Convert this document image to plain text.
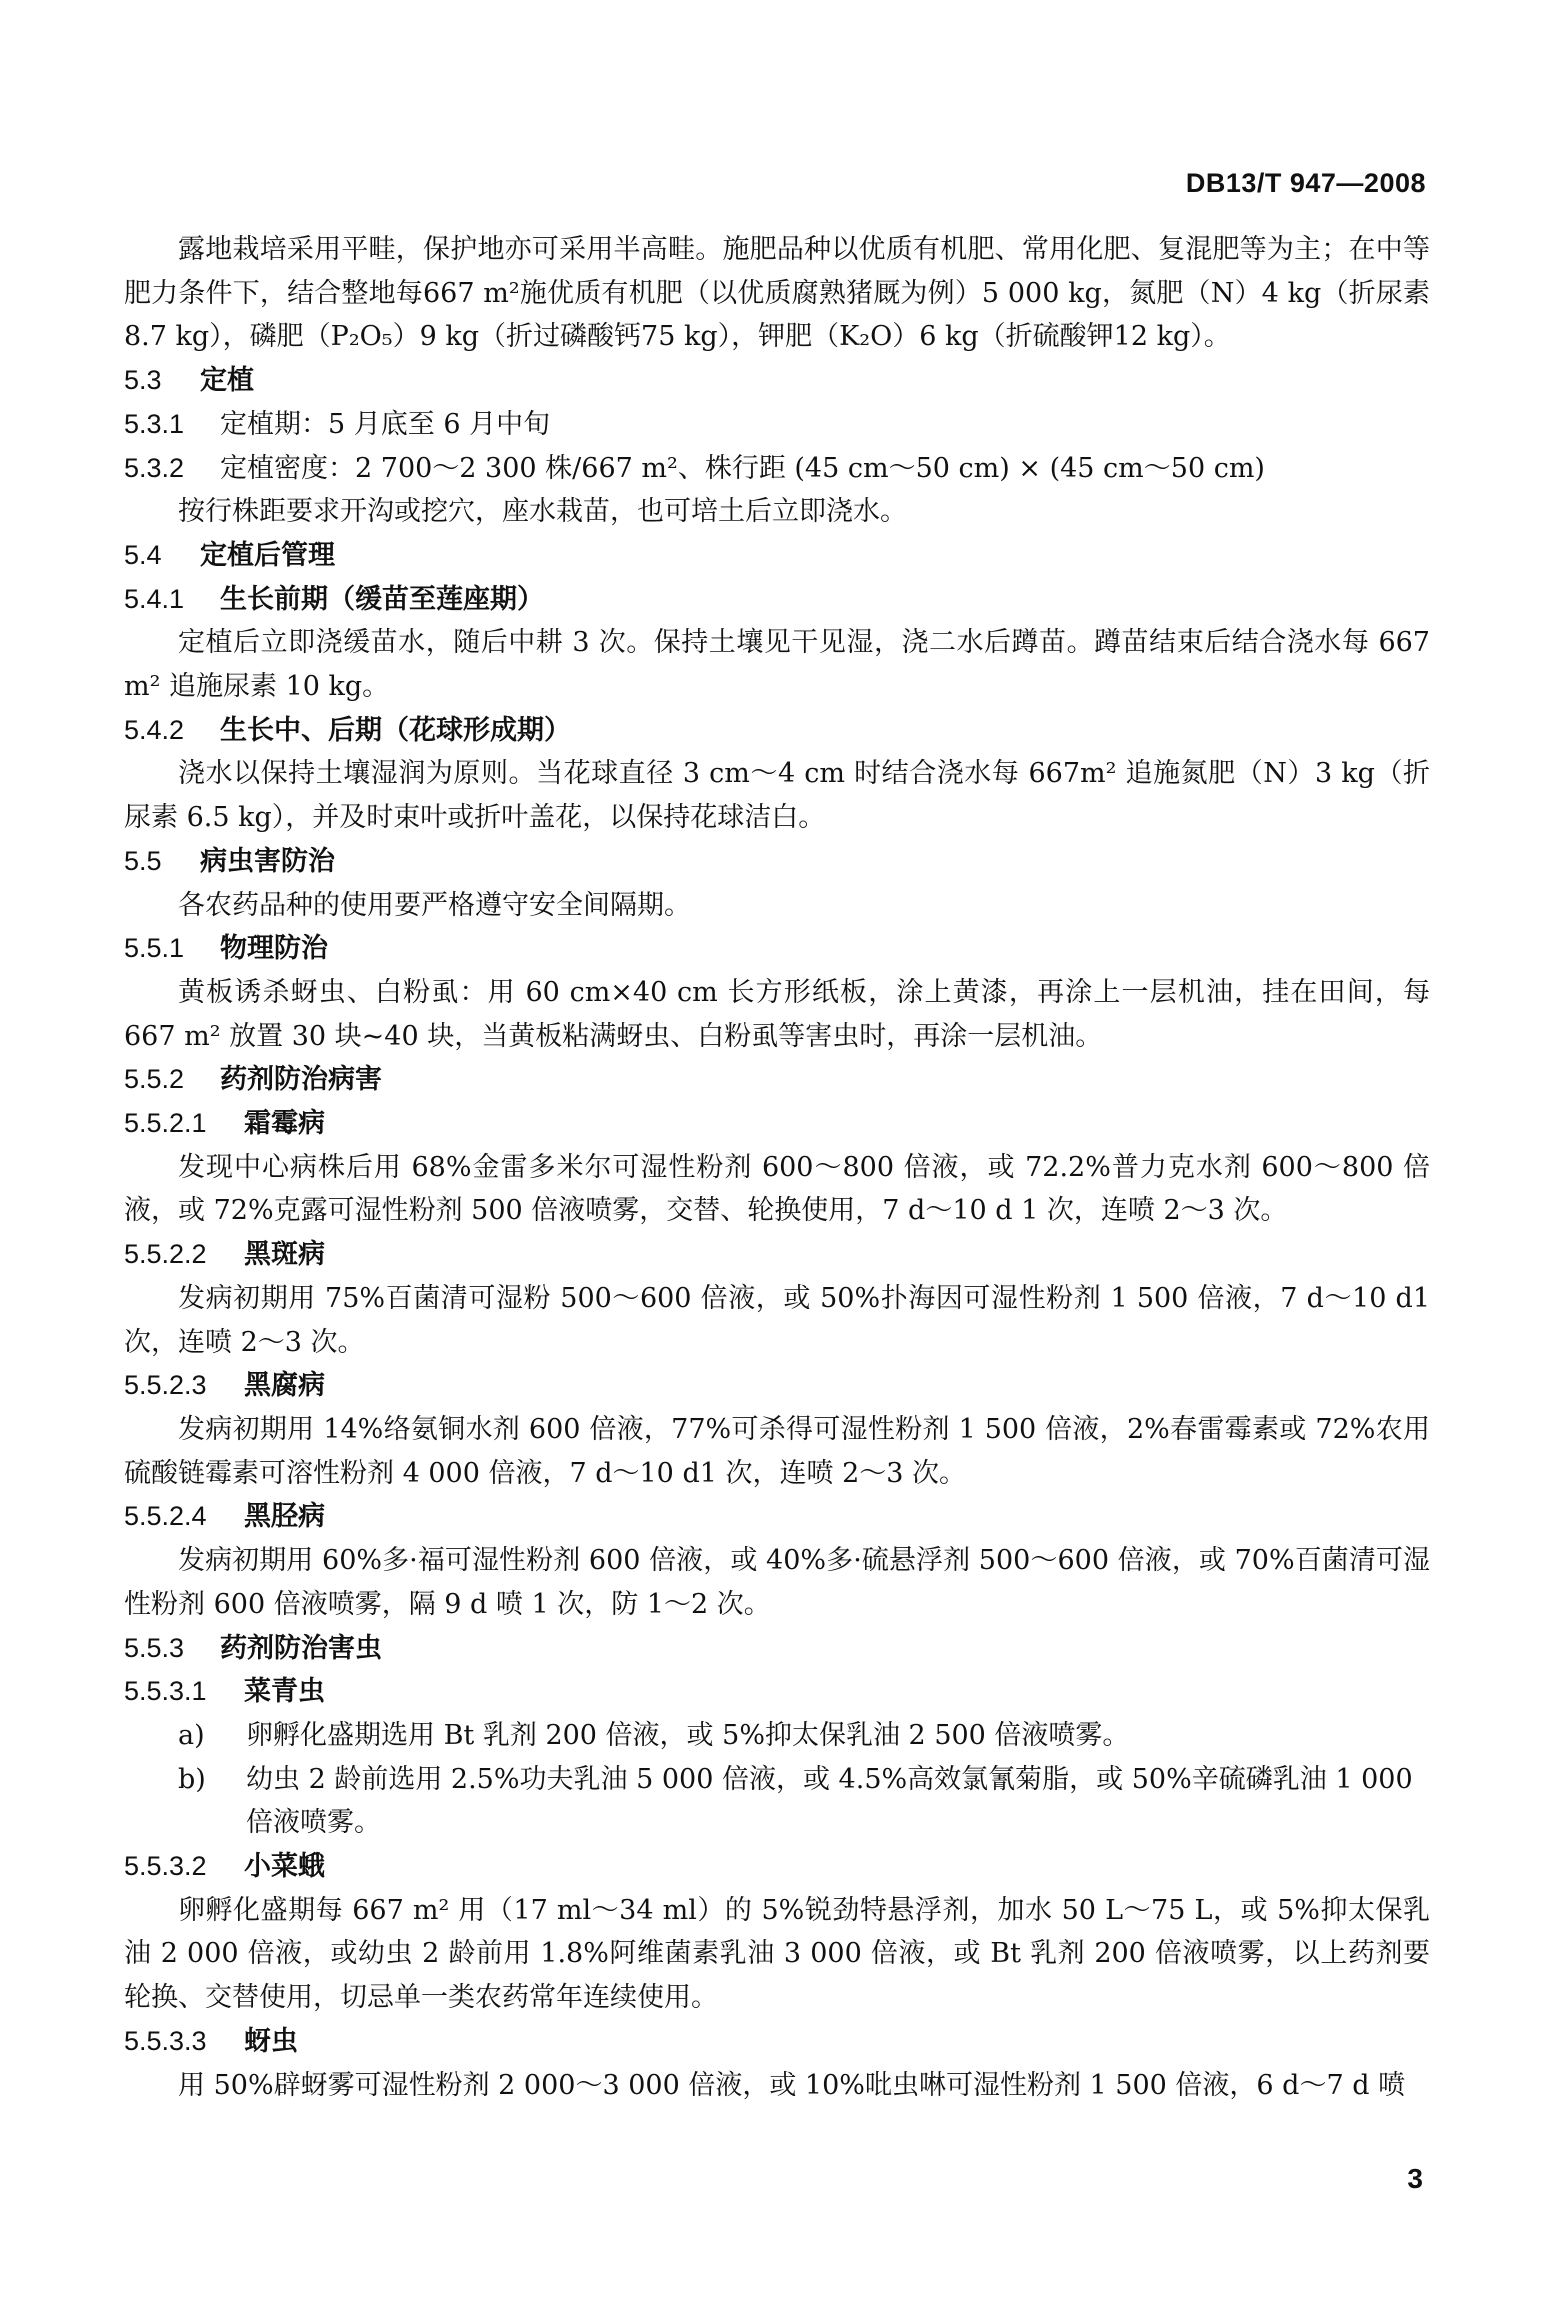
DB13/T 947—2008
露地栽培采用平畦，保护地亦可采用半高畦。施肥品种以优质有机肥、常用化肥、复混肥等为主；在中等肥力条件下，结合整地每667 m²施优质有机肥（以优质腐熟猪厩为例）5 000 kg，氮肥（N）4 kg（折尿素8.7 kg），磷肥（P₂O₅）9 kg（折过磷酸钙75 kg），钾肥（K₂O）6 kg（折硫酸钾12 kg）。
5.3 定植
5.3.1 定植期：5 月底至 6 月中旬
5.3.2 定植密度：2 700～2 300 株/667 m²、株行距 (45 cm～50 cm) × (45 cm～50 cm)
按行株距要求开沟或挖穴，座水栽苗，也可培土后立即浇水。
5.4 定植后管理
5.4.1 生长前期（缓苗至莲座期）
定植后立即浇缓苗水，随后中耕 3 次。保持土壤见干见湿，浇二水后蹲苗。蹲苗结束后结合浇水每 667 m² 追施尿素 10 kg。
5.4.2 生长中、后期（花球形成期）
浇水以保持土壤湿润为原则。当花球直径 3 cm～4 cm 时结合浇水每 667m² 追施氮肥（N）3 kg（折尿素 6.5 kg），并及时束叶或折叶盖花，以保持花球洁白。
5.5 病虫害防治
各农药品种的使用要严格遵守安全间隔期。
5.5.1 物理防治
黄板诱杀蚜虫、白粉虱：用 60 cm×40 cm 长方形纸板，涂上黄漆，再涂上一层机油，挂在田间，每 667 m² 放置 30 块~40 块，当黄板粘满蚜虫、白粉虱等害虫时，再涂一层机油。
5.5.2 药剂防治病害
5.5.2.1 霜霉病
发现中心病株后用 68%金雷多米尔可湿性粉剂 600～800 倍液，或 72.2%普力克水剂 600～800 倍液，或 72%克露可湿性粉剂 500 倍液喷雾，交替、轮换使用，7 d～10 d 1 次，连喷 2～3 次。
5.5.2.2 黑斑病
发病初期用 75%百菌清可湿粉 500～600 倍液，或 50%扑海因可湿性粉剂 1 500 倍液，7 d～10 d1 次，连喷 2～3 次。
5.5.2.3 黑腐病
发病初期用 14%络氨铜水剂 600 倍液，77%可杀得可湿性粉剂 1 500 倍液，2%春雷霉素或 72%农用硫酸链霉素可溶性粉剂 4 000 倍液，7 d～10 d1 次，连喷 2～3 次。
5.5.2.4 黑胫病
发病初期用 60%多·福可湿性粉剂 600 倍液，或 40%多·硫悬浮剂 500～600 倍液，或 70%百菌清可湿性粉剂 600 倍液喷雾，隔 9 d 喷 1 次，防 1～2 次。
5.5.3 药剂防治害虫
5.5.3.1 菜青虫
a)	卵孵化盛期选用 Bt 乳剂 200 倍液，或 5%抑太保乳油 2 500 倍液喷雾。
b)	幼虫 2 龄前选用 2.5%功夫乳油 5 000 倍液，或 4.5%高效氯氰菊脂，或 50%辛硫磷乳油 1 000 倍液喷雾。
5.5.3.2 小菜蛾
卵孵化盛期每 667 m² 用（17 ml～34 ml）的 5%锐劲特悬浮剂，加水 50 L～75 L，或 5%抑太保乳油 2 000 倍液，或幼虫 2 龄前用 1.8%阿维菌素乳油 3 000 倍液，或 Bt 乳剂 200 倍液喷雾，以上药剂要轮换、交替使用，切忌单一类农药常年连续使用。
5.5.3.3 蚜虫
用 50%辟蚜雾可湿性粉剂 2 000～3 000 倍液，或 10%吡虫啉可湿性粉剂 1 500 倍液，6 d～7 d 喷
3
